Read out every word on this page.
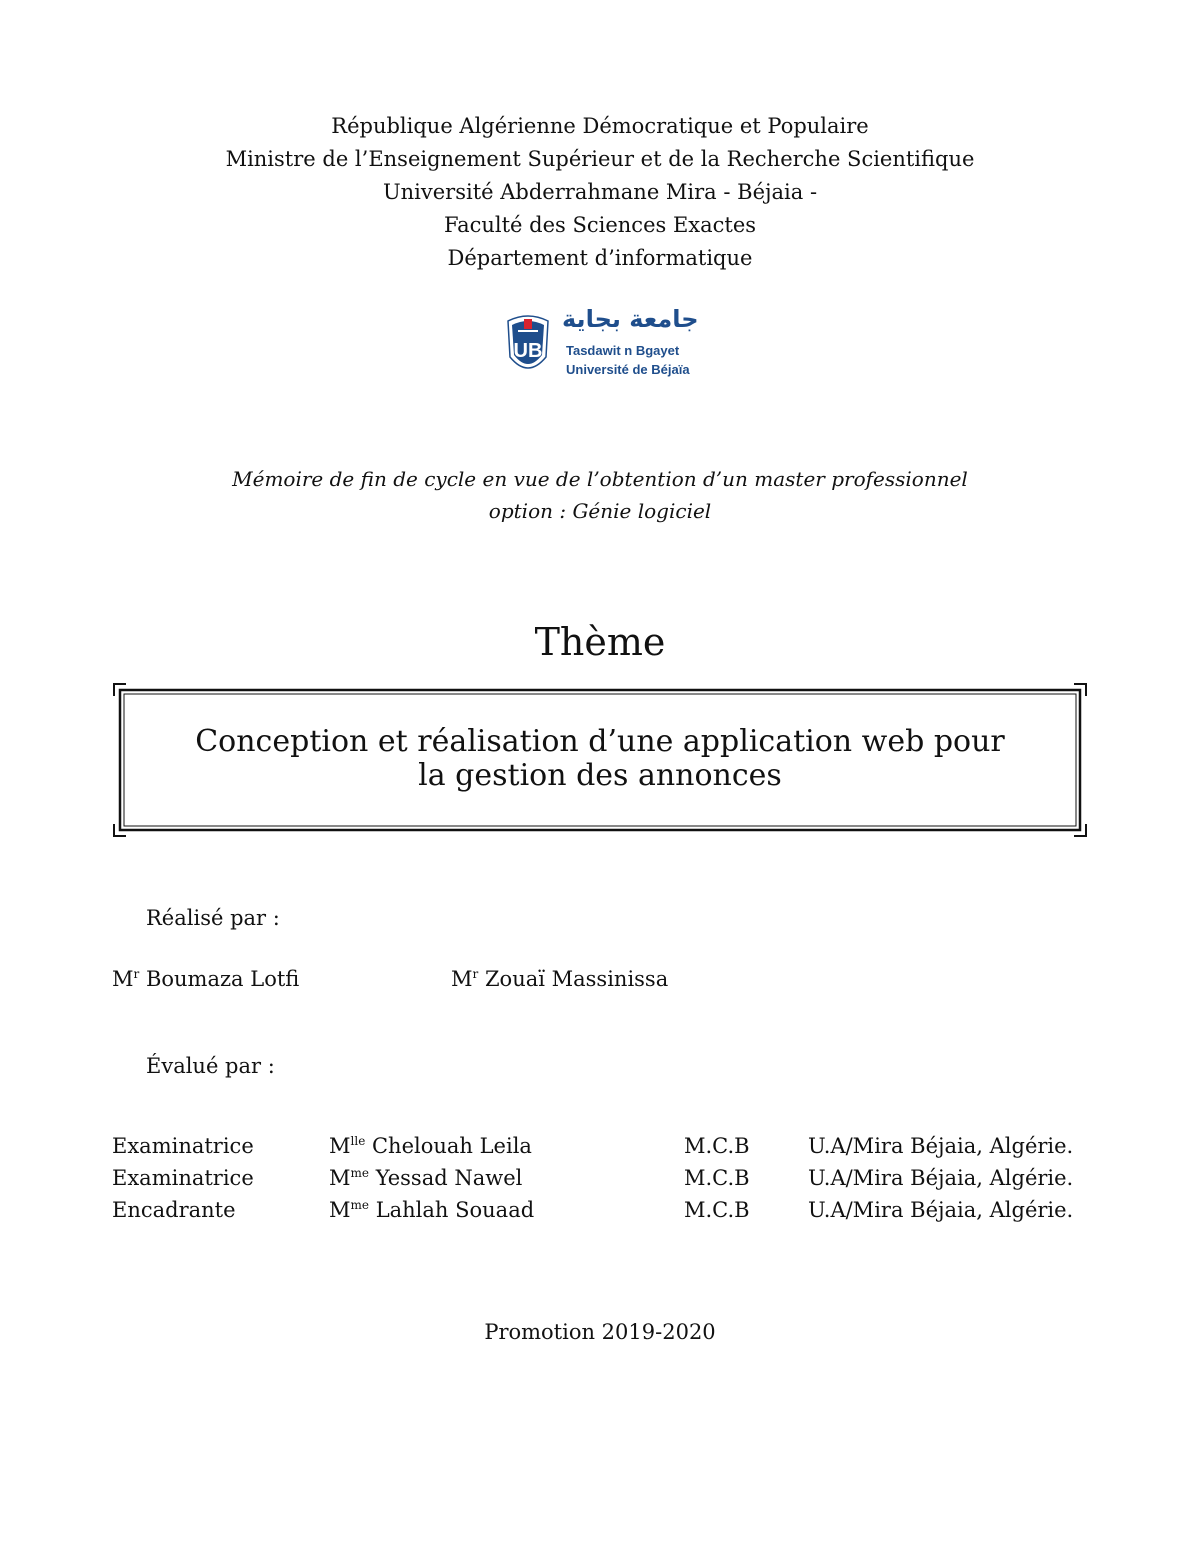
République Algérienne Démocratique et Populaire
Ministre de l’Enseignement Supérieur et de la Recherche Scientifique
Université Abderrahmane Mira - Béjaia -
Faculté des Sciences Exactes
Département d’informatique
UB
جامعة بجاية
Tasdawit n Bgayet
Université de Béjaïa
Mémoire de fin de cycle en vue de l’obtention d’un master professionnel
option : Génie logiciel
Thème
Conception et réalisation d’une application web pour
la gestion des annonces
Réalisé par :
$M^r$ Boumaza Lotfi	$M^r$ Zouaï Massinissa
Évalué par :
Examinatrice	$M^{lle}$ Chelouah Leila	M.C.B	U.A/Mira Béjaia, Algérie.
Examinatrice	$M^{me}$ Yessad Nawel	M.C.B	U.A/Mira Béjaia, Algérie.
Encadrante	$M^{me}$ Lahlah Souaad	M.C.B	U.A/Mira Béjaia, Algérie.
Promotion 2019-2020
